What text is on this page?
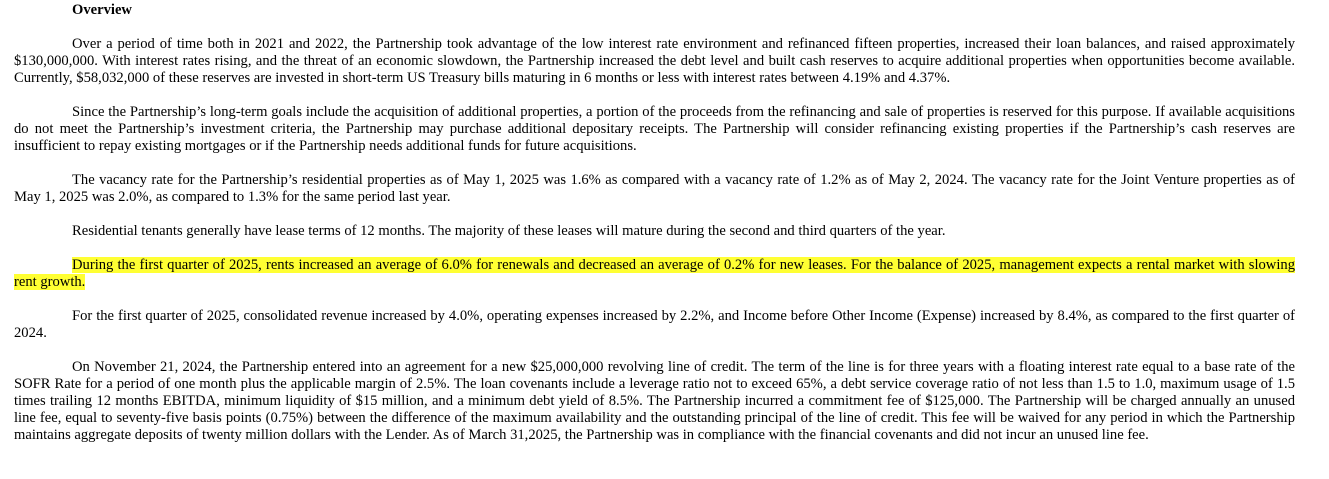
Overview

Over a period of time both in 2021 and 2022, the Partnership took advantage of the low interest rate environment and refinanced fifteen properties, increased their loan balances, and raised approximately $130,000,000. With interest rates rising, and the threat of an economic slowdown, the Partnership increased the debt level and built cash reserves to acquire additional properties when opportunities become available. Currently, $58,032,000 of these reserves are invested in short-term US Treasury bills maturing in 6 months or less with interest rates between 4.19% and 4.37%.

Since the Partnership’s long-term goals include the acquisition of additional properties, a portion of the proceeds from the refinancing and sale of properties is reserved for this purpose. If available acquisitions do not meet the Partnership’s investment criteria, the Partnership may purchase additional depositary receipts. The Partnership will consider refinancing existing properties if the Partnership’s cash reserves are insufficient to repay existing mortgages or if the Partnership needs additional funds for future acquisitions.

The vacancy rate for the Partnership’s residential properties as of May 1, 2025 was 1.6% as compared with a vacancy rate of 1.2% as of May 2, 2024. The vacancy rate for the Joint Venture properties as of May 1, 2025 was 2.0%, as compared to 1.3% for the same period last year.

Residential tenants generally have lease terms of 12 months. The majority of these leases will mature during the second and third quarters of the year.

During the first quarter of 2025, rents increased an average of 6.0% for renewals and decreased an average of 0.2% for new leases. For the balance of 2025, management expects a rental market with slowing rent growth.

For the first quarter of 2025, consolidated revenue increased by 4.0%, operating expenses increased by 2.2%, and Income before Other Income (Expense) increased by 8.4%, as compared to the first quarter of 2024.

On November 21, 2024, the Partnership entered into an agreement for a new $25,000,000 revolving line of credit. The term of the line is for three years with a floating interest rate equal to a base rate of the SOFR Rate for a period of one month plus the applicable margin of 2.5%. The loan covenants include a leverage ratio not to exceed 65%, a debt service coverage ratio of not less than 1.5 to 1.0, maximum usage of 1.5 times trailing 12 months EBITDA, minimum liquidity of $15 million, and a minimum debt yield of 8.5%. The Partnership incurred a commitment fee of $125,000. The Partnership will be charged annually an unused line fee, equal to seventy-five basis points (0.75%) between the difference of the maximum availability and the outstanding principal of the line of credit. This fee will be waived for any period in which the Partnership maintains aggregate deposits of twenty million dollars with the Lender. As of March 31,2025, the Partnership was in compliance with the financial covenants and did not incur an unused line fee.
